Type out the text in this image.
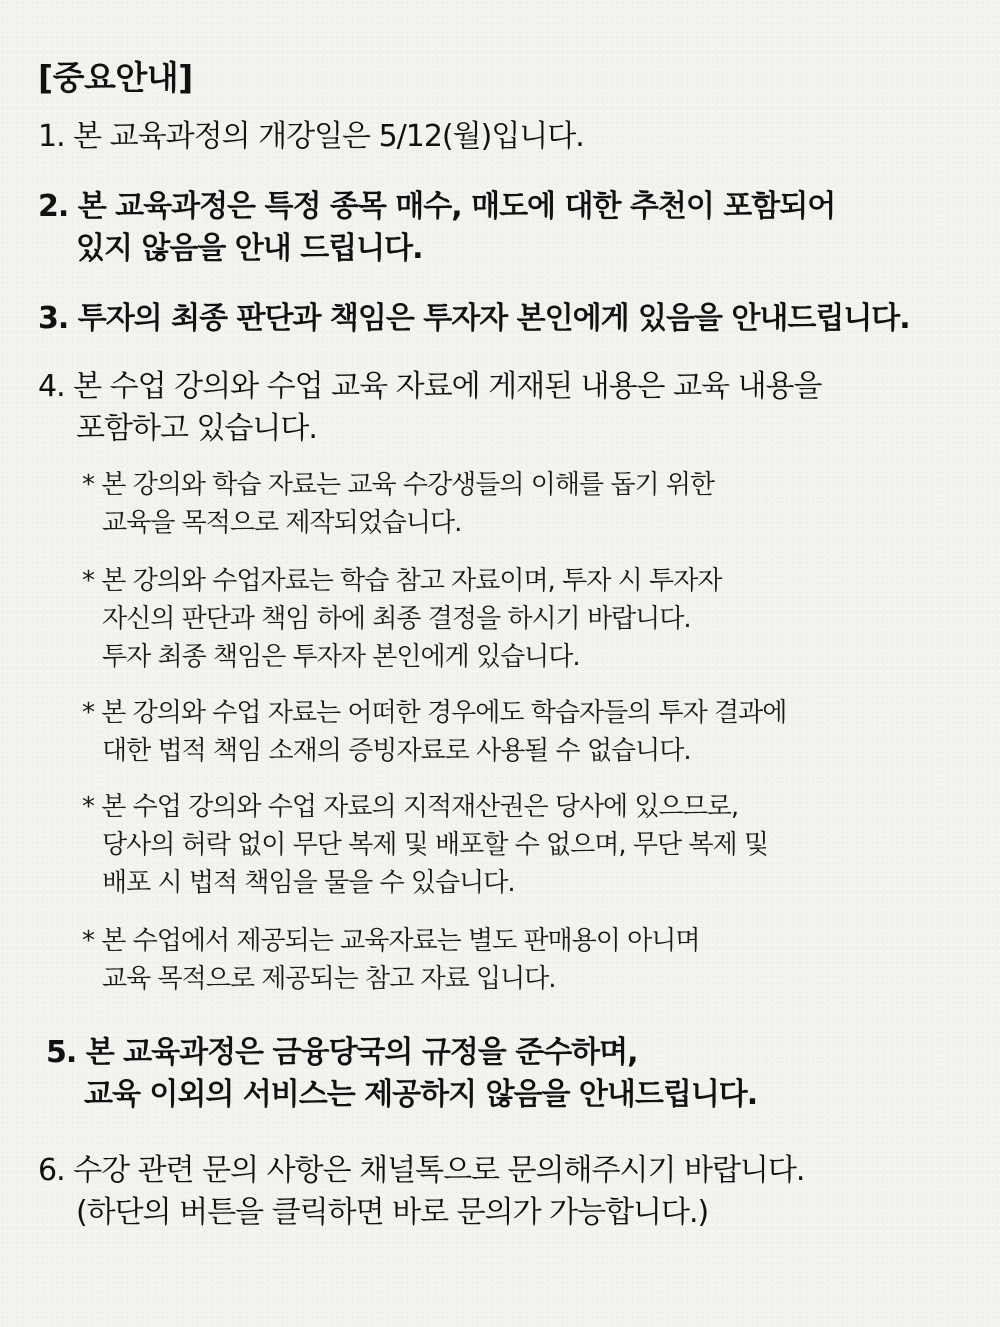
[중요안내]
1. 본 교육과정의 개강일은 5/12(월)입니다.
2. 본 교육과정은 특정 종목 매수, 매도에 대한 추천이 포함되어
있지 않음을 안내 드립니다.
3. 투자의 최종 판단과 책임은 투자자 본인에게 있음을 안내드립니다.
4. 본 수업 강의와 수업 교육 자료에 게재된 내용은 교육 내용을
포함하고 있습니다.
* 본 강의와 학습 자료는 교육 수강생들의 이해를 돕기 위한
교육을 목적으로 제작되었습니다.
* 본 강의와 수업자료는 학습 참고 자료이며, 투자 시 투자자
자신의 판단과 책임 하에 최종 결정을 하시기 바랍니다.
투자 최종 책임은 투자자 본인에게 있습니다.
* 본 강의와 수업 자료는 어떠한 경우에도 학습자들의 투자 결과에
대한 법적 책임 소재의 증빙자료로 사용될 수 없습니다.
* 본 수업 강의와 수업 자료의 지적재산권은 당사에 있으므로,
당사의 허락 없이 무단 복제 및 배포할 수 없으며, 무단 복제 및
배포 시 법적 책임을 물을 수 있습니다.
* 본 수업에서 제공되는 교육자료는 별도 판매용이 아니며
교육 목적으로 제공되는 참고 자료 입니다.
5. 본 교육과정은 금융당국의 규정을 준수하며,
교육 이외의 서비스는 제공하지 않음을 안내드립니다.
6. 수강 관련 문의 사항은 채널톡으로 문의해주시기 바랍니다.
(하단의 버튼을 클릭하면 바로 문의가 가능합니다.)
